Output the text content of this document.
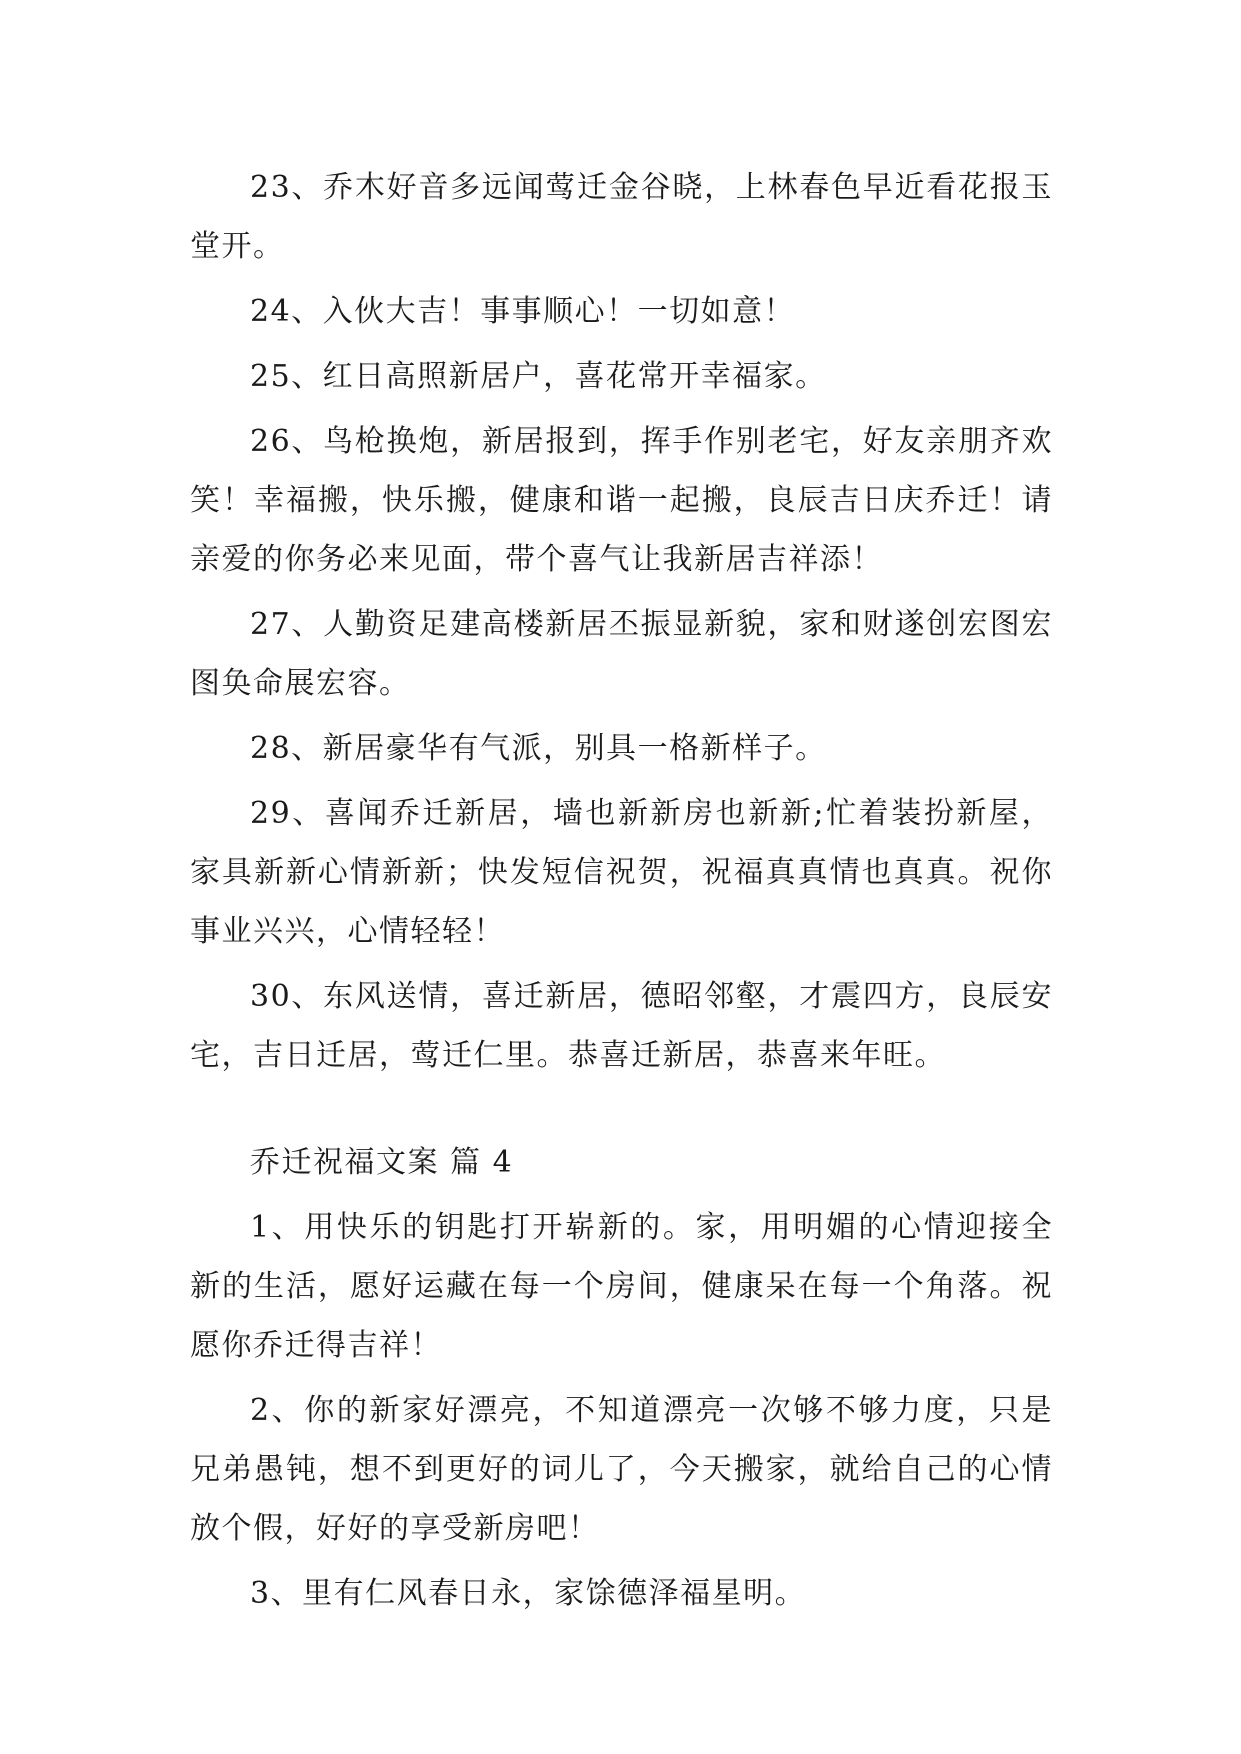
23、乔木好音多远闻莺迁金谷晓，上林春色早近看花报玉堂开。

24、入伙大吉！事事顺心！一切如意！

25、红日高照新居户，喜花常开幸福家。

26、鸟枪换炮，新居报到，挥手作别老宅，好友亲朋齐欢笑！幸福搬，快乐搬，健康和谐一起搬，良辰吉日庆乔迁！请亲爱的你务必来见面，带个喜气让我新居吉祥添！

27、人勤资足建高楼新居丕振显新貌，家和财遂创宏图宏图奂命展宏容。

28、新居豪华有气派，别具一格新样子。

29、喜闻乔迁新居，墙也新新房也新新;忙着装扮新屋，家具新新心情新新；快发短信祝贺，祝福真真情也真真。祝你事业兴兴，心情轻轻！

30、东风送情，喜迁新居，德昭邻壑，才震四方，良辰安宅，吉日迁居，莺迁仁里。恭喜迁新居，恭喜来年旺。

乔迁祝福文案 篇 4

1、用快乐的钥匙打开崭新的。家，用明媚的心情迎接全新的生活，愿好运藏在每一个房间，健康呆在每一个角落。祝愿你乔迁得吉祥！

2、你的新家好漂亮，不知道漂亮一次够不够力度，只是兄弟愚钝，想不到更好的词儿了，今天搬家，就给自己的心情放个假，好好的享受新房吧！

3、里有仁风春日永，家馀德泽福星明。
